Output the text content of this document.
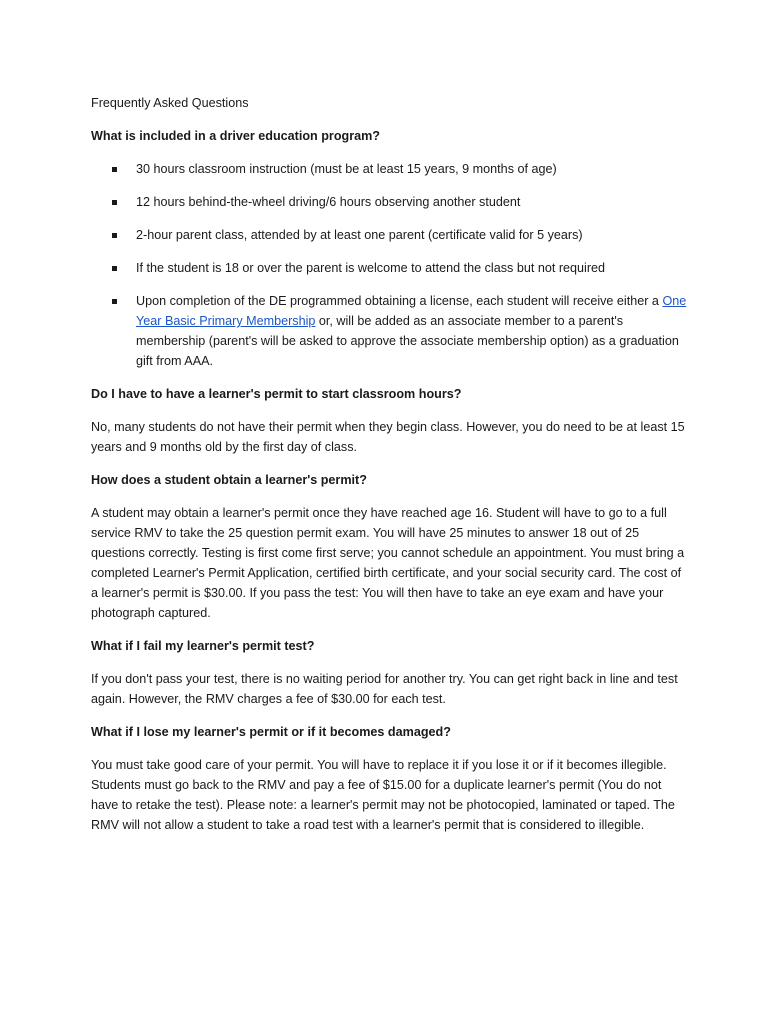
Frequently Asked Questions
What is included in a driver education program?
30 hours classroom instruction (must be at least 15 years, 9 months of age)
12 hours behind-the-wheel driving/6 hours observing another student
2-hour parent class, attended by at least one parent (certificate valid for 5 years)
If the student is 18 or over the parent is welcome to attend the class but not required
Upon completion of the DE programmed obtaining a license, each student will receive either a One Year Basic Primary Membership or, will be added as an associate member to a parent's membership (parent's will be asked to approve the associate membership option) as a graduation gift from AAA.
Do I have to have a learner's permit to start classroom hours?

No, many students do not have their permit when they begin class. However, you do need to be at least 15 years and 9 months old by the first day of class.

How does a student obtain a learner's permit?

A student may obtain a learner's permit once they have reached age 16. Student will have to go to a full service RMV to take the 25 question permit exam. You will have 25 minutes to answer 18 out of 25 questions correctly. Testing is first come first serve; you cannot schedule an appointment. You must bring a completed Learner's Permit Application, certified birth certificate, and your social security card. The cost of a learner's permit is $30.00. If you pass the test: You will then have to take an eye exam and have your photograph captured.

What if I fail my learner's permit test?

If you don't pass your test, there is no waiting period for another try. You can get right back in line and test again. However, the RMV charges a fee of $30.00 for each test.

What if I lose my learner's permit or if it becomes damaged?

You must take good care of your permit. You will have to replace it if you lose it or if it becomes illegible. Students must go back to the RMV and pay a fee of $15.00 for a duplicate learner's permit (You do not have to retake the test). Please note: a learner's permit may not be photocopied, laminated or taped. The RMV will not allow a student to take a road test with a learner's permit that is considered to illegible.
